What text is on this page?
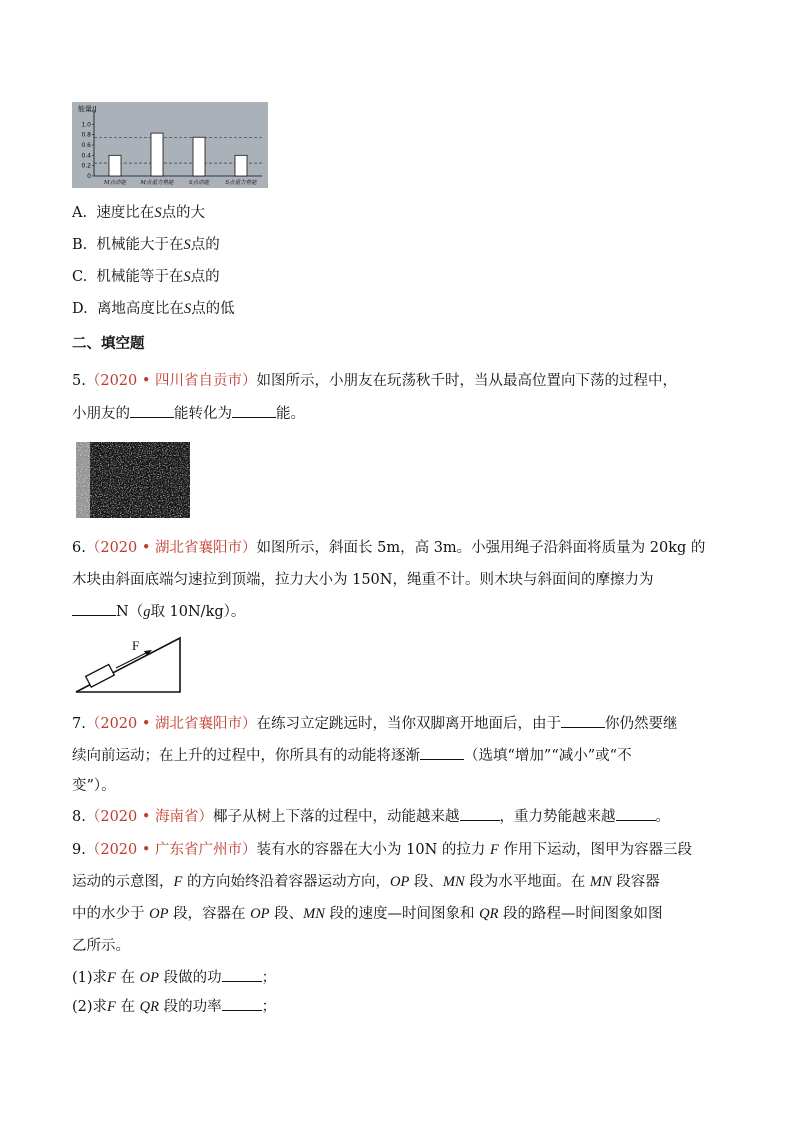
能量/J
1.0
0.8
0.6
0.4
0.2
0
M点动能	M点重力势能	S点动能	S点重力势能
A. 速度比在S点的大
B. 机械能大于在S点的
C. 机械能等于在S点的
D. 离地高度比在S点的低
二、填空题
5.（2020 • 四川省自贡市）如图所示，小朋友在玩荡秋千时，当从最高位置向下荡的过程中，
小朋友的	能转化为	能。
6.（2020 • 湖北省襄阳市）如图所示，斜面长 5m，高 3m。小强用绳子沿斜面将质量为 20kg 的
木块由斜面底端匀速拉到顶端，拉力大小为 150N，绳重不计。则木块与斜面间的摩擦力为
N（g取 10N/kg）。
F
7.（2020 • 湖北省襄阳市）在练习立定跳远时，当你双脚离开地面后，由于	你仍然要继
续向前运动；在上升的过程中，你所具有的动能将逐渐	（选填“增加”“减小”或“不
变”）。
8.（2020 • 海南省）椰子从树上下落的过程中，动能越来越	，重力势能越来越	。
9.（2020 • 广东省广州市）装有水的容器在大小为 10N 的拉力 F 作用下运动，图甲为容器三段
运动的示意图，F 的方向始终沿着容器运动方向，OP 段、MN 段为水平地面。在 MN 段容器
中的水少于 OP 段，容器在 OP 段、MN 段的速度—时间图象和 QR 段的路程—时间图象如图
乙所示。
(1)求F 在 OP 段做的功	；
(2)求F 在 QR 段的功率	；
